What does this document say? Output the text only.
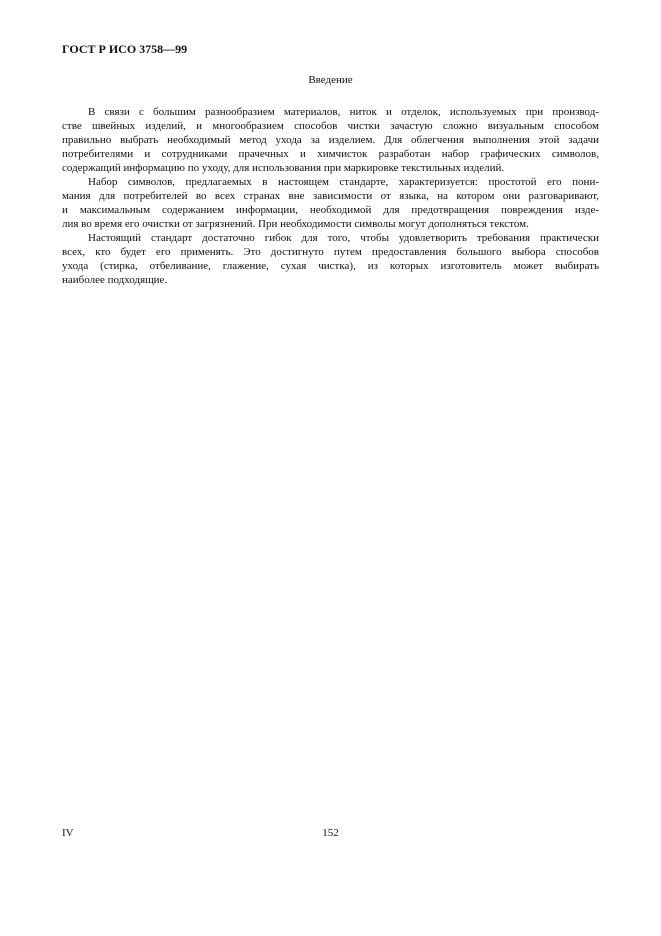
ГОСТ Р ИСО 3758—99
Введение
В связи с большим разнообразием материалов, ниток и отделок, используемых при производ-
стве швейных изделий, и многообразием способов чистки зачастую сложно визуальным способом
правильно выбрать необходимый метод ухода за изделием. Для облегчения выполнения этой задачи
потребителями и сотрудниками прачечных и химчисток разработан набор графических символов,
содержащий информацию по уходу, для использования при маркировке текстильных изделий.
Набор символов, предлагаемых в настоящем стандарте, характеризуется: простотой его пони-
мания для потребителей во всех странах вне зависимости от языка, на котором они разговаривают,
и максимальным содержанием информации, необходимой для предотвращения повреждения изде-
лия во время его очистки от загрязнений. При необходимости символы могут дополняться текстом.
Настоящий стандарт достаточно гибок для того, чтобы удовлетворить требования практически
всех, кто будет его применять. Это достигнуто путем предоставления большого выбора способов
ухода (стирка, отбеливание, глажение, сухая чистка), из которых изготовитель может выбирать
наиболее подходящие.
IV	152
